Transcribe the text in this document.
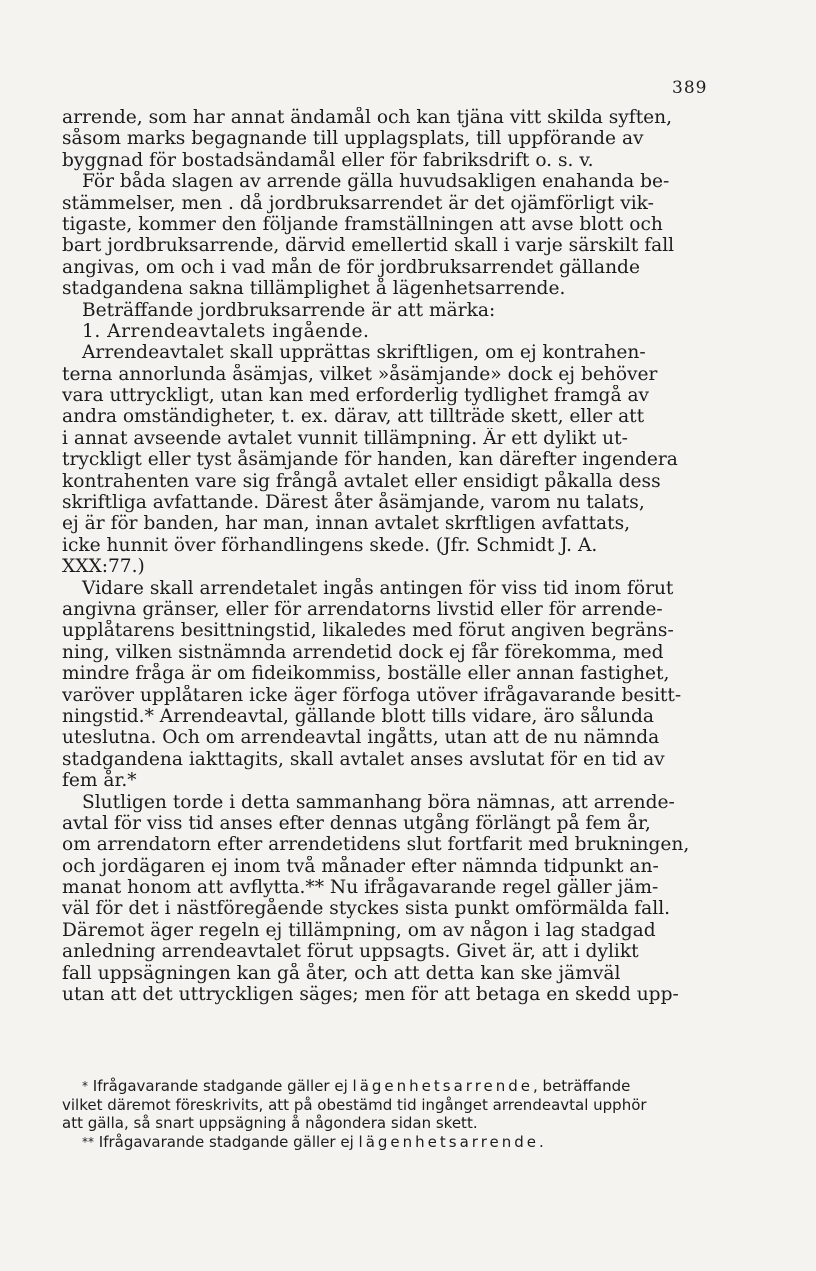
389
arrende, som har annat ändamål och kan tjäna vitt skilda syften,
såsom marks begagnande till upplagsplats, till uppförande av
byggnad för bostadsändamål eller för fabriksdrift o. s. v.
För båda slagen av arrende gälla huvudsakligen enahanda be-
stämmelser, men . då jordbruksarrendet är det ojämförligt vik-
tigaste, kommer den följande framställningen att avse blott och
bart jordbruksarrende, därvid emellertid skall i varje särskilt fall
angivas, om och i vad mån de för jordbruksarrendet gällande
stadgandena sakna tillämplighet å lägenhetsarrende.
Beträffande jordbruksarrende är att märka:
1. Arrendeavtalets ingående.
Arrendeavtalet skall upprättas skriftligen, om ej kontrahen-
terna annorlunda åsämjas, vilket »åsämjande» dock ej behöver
vara uttryckligt, utan kan med erforderlig tydlighet framgå av
andra omständigheter, t. ex. därav, att tillträde skett, eller att
i annat avseende avtalet vunnit tillämpning. Är ett dylikt ut-
tryckligt eller tyst åsämjande för handen, kan därefter ingendera
kontrahenten vare sig frångå avtalet eller ensidigt påkalla dess
skriftliga avfattande. Därest åter åsämjande, varom nu talats,
ej är för banden, har man, innan avtalet skrftligen avfattats,
icke hunnit över förhandlingens skede. (Jfr. Schmidt J. A.
XXX:77.)
Vidare skall arrendetalet ingås antingen för viss tid inom förut
angivna gränser, eller för arrendatorns livstid eller för arrende-
upplåtarens besittningstid, likaledes med förut angiven begräns-
ning, vilken sistnämnda arrendetid dock ej får förekomma, med
mindre fråga är om fideikommiss, boställe eller annan fastighet,
varöver upplåtaren icke äger förfoga utöver ifrågavarande besitt-
ningstid.* Arrendeavtal, gällande blott tills vidare, äro sålunda
uteslutna. Och om arrendeavtal ingåtts, utan att de nu nämnda
stadgandena iakttagits, skall avtalet anses avslutat för en tid av
fem år.*
Slutligen torde i detta sammanhang böra nämnas, att arrende-
avtal för viss tid anses efter dennas utgång förlängt på fem år,
om arrendatorn efter arrendetidens slut fortfarit med brukningen,
och jordägaren ej inom två månader efter nämnda tidpunkt an-
manat honom att avflytta.** Nu ifrågavarande regel gäller jäm-
väl för det i nästföregående styckes sista punkt omförmälda fall.
Däremot äger regeln ej tillämpning, om av någon i lag stadgad
anledning arrendeavtalet förut uppsagts. Givet är, att i dylikt
fall uppsägningen kan gå åter, och att detta kan ske jämväl
utan att det uttryckligen säges; men för att betaga en skedd upp-
* Ifrågavarande stadgande gäller ej lägenhetsarrende, beträffande
vilket däremot föreskrivits, att på obestämd tid ingånget arrendeavtal upphör
att gälla, så snart uppsägning å någondera sidan skett.
** Ifrågavarande stadgande gäller ej lägenhetsarrende.
